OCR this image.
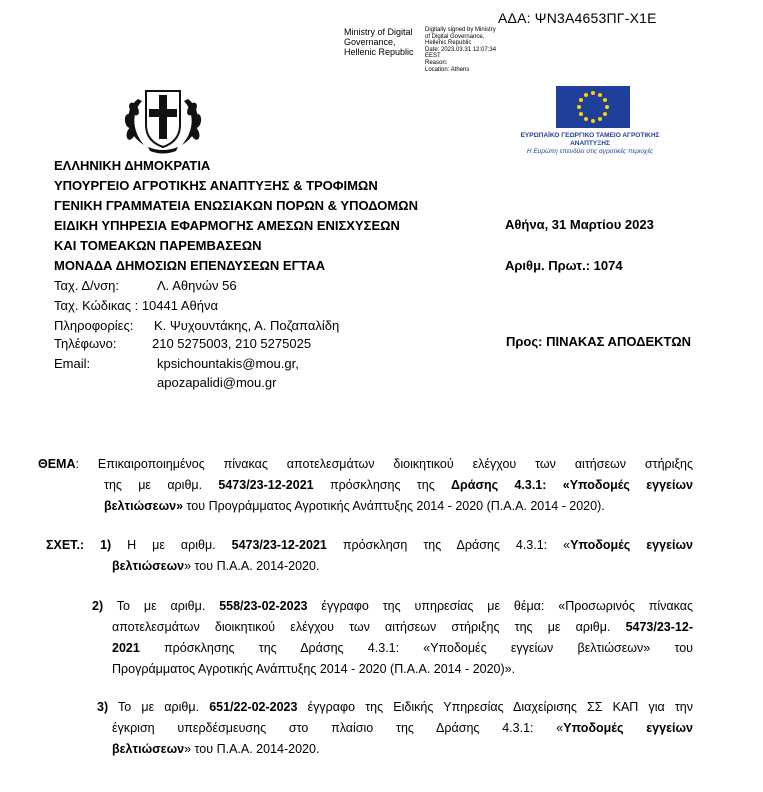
ΑΔΑ: ΨΝ3Α4653ΠΓ-Χ1Ε
Ministry of Digital
Governance,
Hellenic Republic
Digitally signed by Ministry
of Digital Governance,
Hellenic Republic
Date: 2023.03.31 12:07:34
EEST
Reason:
Location: Athens
ΕΥΡΩΠΑΪΚΟ ΓΕΩΡΓΙΚΟ ΤΑΜΕΙΟ ΑΓΡΟΤΙΚΗΣ ΑΝΑΠΤΥΞΗΣ
Η Ευρώπη επενδύει στις αγροτικές περιοχές
ΕΛΛΗΝΙΚΗ ΔΗΜΟΚΡΑΤΙΑ
ΥΠΟΥΡΓΕΙΟ ΑΓΡΟΤΙΚΗΣ ΑΝΑΠΤΥΞΗΣ & ΤΡΟΦΙΜΩΝ
ΓΕΝΙΚΗ ΓΡΑΜΜΑΤΕΙΑ ΕΝΩΣΙΑΚΩΝ ΠΟΡΩΝ & ΥΠΟΔΟΜΩΝ
ΕΙΔΙΚΗ ΥΠΗΡΕΣΙΑ ΕΦΑΡΜΟΓΗΣ ΑΜΕΣΩΝ ΕΝΙΣΧΥΣΕΩΝ
ΚΑΙ ΤΟΜΕΑΚΩΝ ΠΑΡΕΜΒΑΣΕΩΝ
ΜΟΝΑΔΑ ΔΗΜΟΣΙΩΝ ΕΠΕΝΔΥΣΕΩΝ ΕΓΤΑΑ
Αθήνα, 31 Μαρτίου 2023
Αριθμ. Πρωτ.: 1074
Προς: ΠΙΝΑΚΑΣ ΑΠΟΔΕΚΤΩΝ
Ταχ. Δ/νση:	Λ. Αθηνών 56
Ταχ. Κώδικας : 10441 Αθήνα
Πληροφορίες: Κ. Ψυχουντάκης, Α. Ποζαπαλίδη
Τηλέφωνο:	210 5275003, 210 5275025
Email:	kpsichountakis@mou.gr,
apozapalidi@mou.gr
ΘΕΜΑ: Επικαιροποιημένος πίνακας αποτελεσμάτων διοικητικού ελέγχου των αιτήσεων στήριξης
της με αριθμ. 5473/23-12-2021 πρόσκλησης της Δράσης 4.3.1: «Υποδομές εγγείων
βελτιώσεων» του Προγράμματος Αγροτικής Ανάπτυξης 2014 - 2020 (Π.Α.Α. 2014 - 2020).
ΣΧΕΤ.: 1) Η με αριθμ. 5473/23-12-2021 πρόσκληση της Δράσης 4.3.1: «Υποδομές εγγείων
βελτιώσεων» του Π.Α.Α. 2014-2020.
2) Το με αριθμ. 558/23-02-2023 έγγραφο της υπηρεσίας με θέμα: «Προσωρινός πίνακας
αποτελεσμάτων διοικητικού ελέγχου των αιτήσεων στήριξης της με αριθμ. 5473/23-12-
2021 πρόσκλησης της Δράσης 4.3.1: «Υποδομές εγγείων βελτιώσεων» του
Προγράμματος Αγροτικής Ανάπτυξης 2014 - 2020 (Π.Α.Α. 2014 - 2020)».
3) Το με αριθμ. 651/22-02-2023 έγγραφο της Ειδικής Υπηρεσίας Διαχείρισης ΣΣ ΚΑΠ για την
έγκριση υπερδέσμευσης στο πλαίσιο της Δράσης 4.3.1: «Υποδομές εγγείων
βελτιώσεων» του Π.Α.Α. 2014-2020.
